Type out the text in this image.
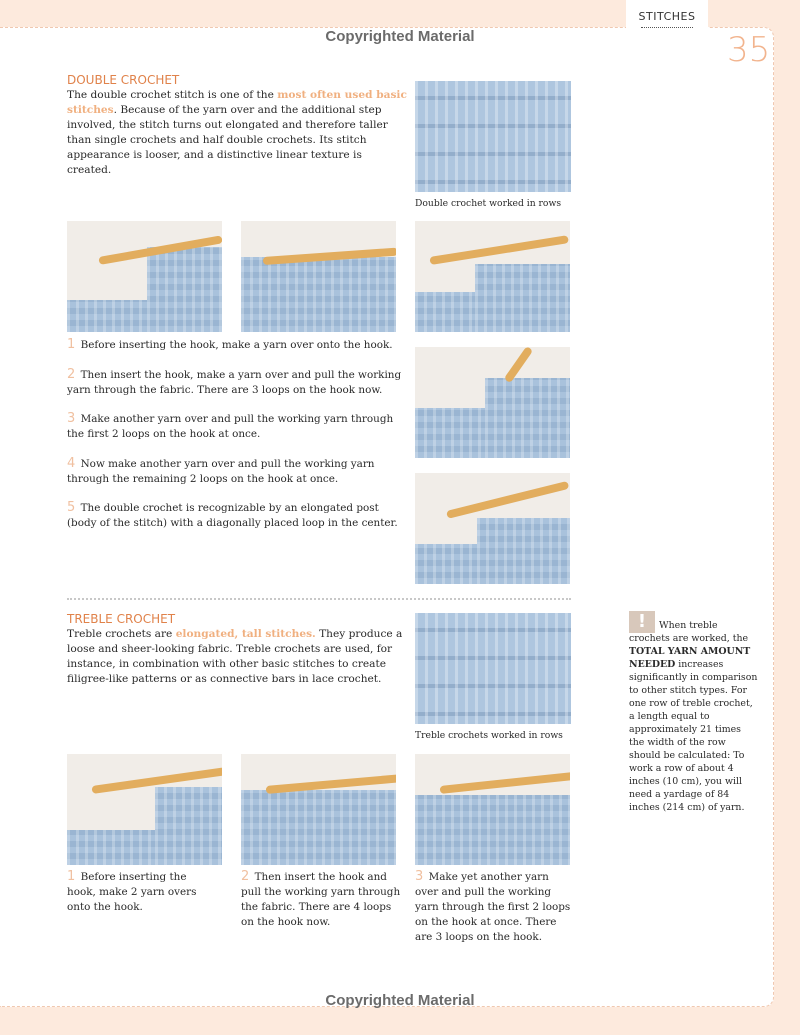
STITCHES
35
Copyrighted Material
DOUBLE CROCHET
The double crochet stitch is one of the most often used basic stitches. Because of the yarn over and the additional step involved, the stitch turns out elongated and therefore taller than single crochets and half double crochets. Its stitch appearance is looser, and a distinctive linear texture is created.
Double crochet worked in rows
1 Before inserting the hook, make a yarn over onto the hook.
2 Then insert the hook, make a yarn over and pull the working yarn through the fabric. There are 3 loops on the hook now.
3 Make another yarn over and pull the working yarn through the first 2 loops on the hook at once.
4 Now make another yarn over and pull the working yarn through the remaining 2 loops on the hook at once.
5 The double crochet is recognizable by an elongated post (body of the stitch) with a diagonally placed loop in the center.
TREBLE CROCHET
Treble crochets are elongated, tall stitches. They produce a loose and sheer-looking fabric. Treble crochets are used, for instance, in combination with other basic stitches to create filigree-like patterns or as connective bars in lace crochet.
Treble crochets worked in rows
1 Before inserting the hook, make 2 yarn overs onto the hook.
2 Then insert the hook and pull the working yarn through the fabric. There are 4 loops on the hook now.
3 Make yet another yarn over and pull the working yarn through the first 2 loops on the hook at once. There are 3 loops on the hook.
!	When treble crochets are worked, the TOTAL YARN AMOUNT NEEDED increases significantly in comparison to other stitch types. For one row of treble crochet, a length equal to approximately 21 times the width of the row should be calculated: To work a row of about 4 inches (10 cm), you will need a yardage of 84 inches (214 cm) of yarn.
Copyrighted Material
